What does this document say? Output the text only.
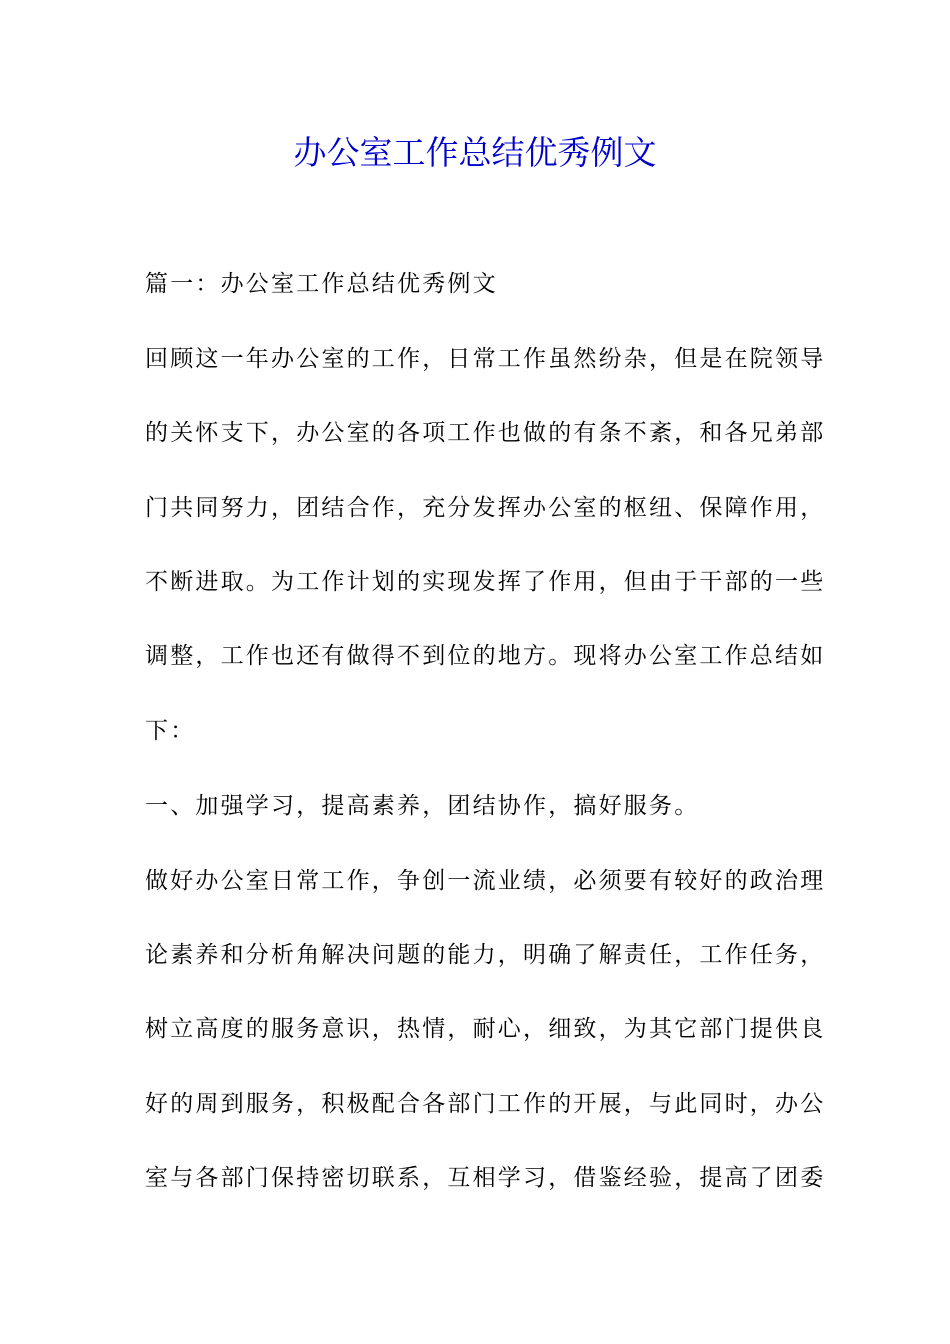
办公室工作总结优秀例文

篇一：办公室工作总结优秀例文

回顾这一年办公室的工作，日常工作虽然纷杂，但是在院领导

的关怀支下，办公室的各项工作也做的有条不紊，和各兄弟部

门共同努力，团结合作，充分发挥办公室的枢纽、保障作用，

不断进取。为工作计划的实现发挥了作用，但由于干部的一些

调整，工作也还有做得不到位的地方。现将办公室工作总结如

下：

一、加强学习，提高素养，团结协作，搞好服务。

做好办公室日常工作，争创一流业绩，必须要有较好的政治理

论素养和分析角解决问题的能力，明确了解责任，工作任务，

树立高度的服务意识，热情，耐心，细致，为其它部门提供良

好的周到服务，积极配合各部门工作的开展，与此同时，办公

室与各部门保持密切联系，互相学习，借鉴经验，提高了团委
